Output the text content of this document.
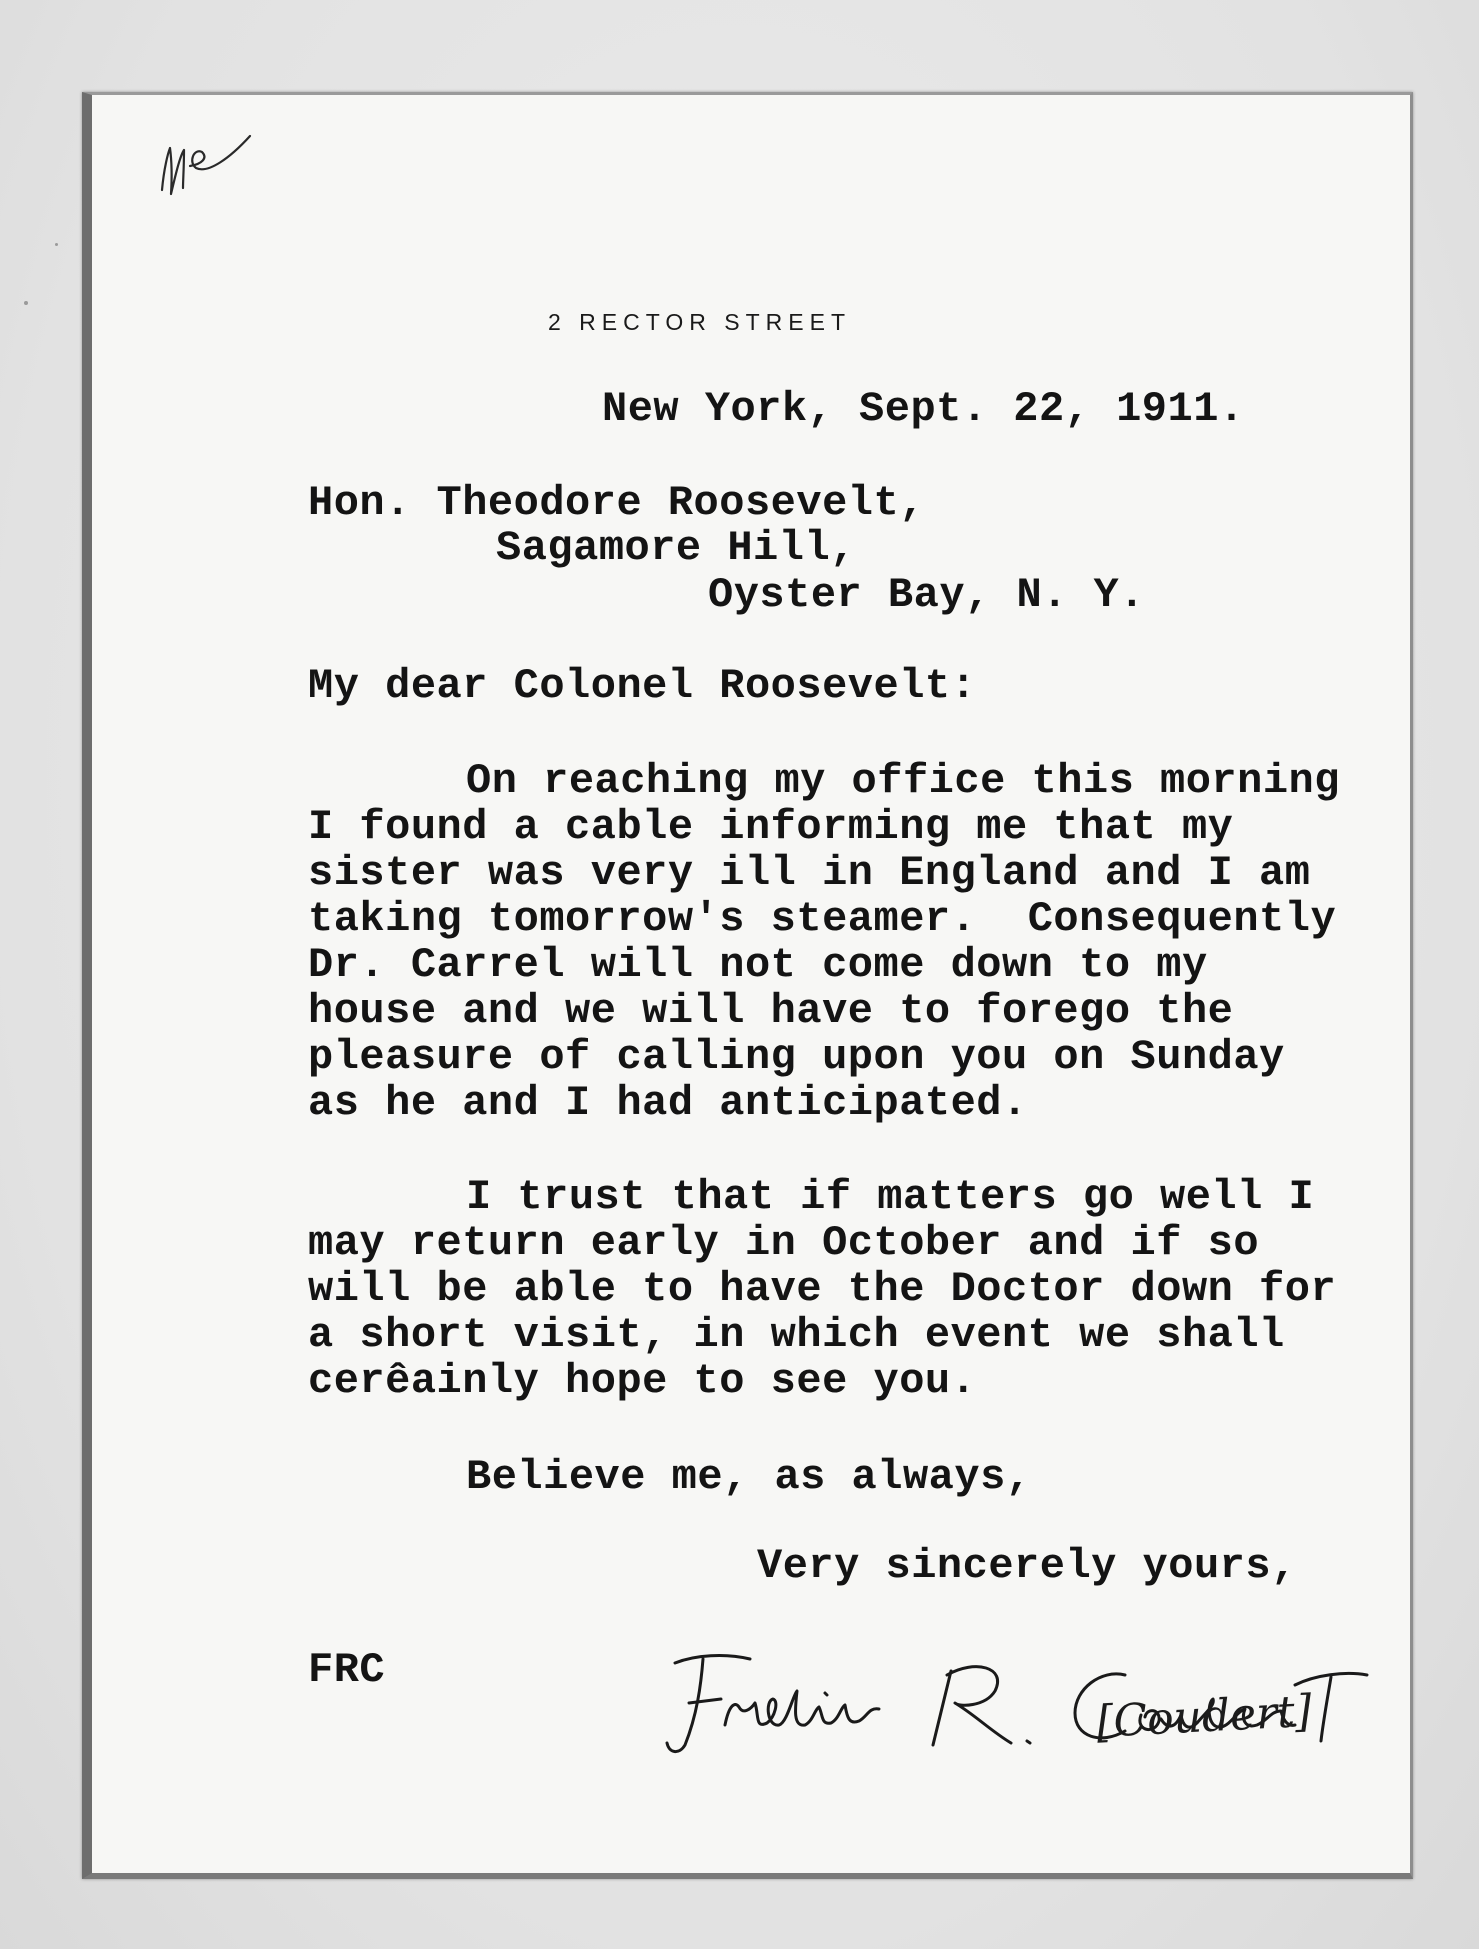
2 RECTOR STREET
New York, Sept. 22, 1911.
Hon. Theodore Roosevelt,
Sagamore Hill,
Oyster Bay, N. Y.
My dear Colonel Roosevelt:
On reaching my office this morning
I found a cable informing me that my
sister was very ill in England and I am
taking tomorrow's steamer.  Consequently
Dr. Carrel will not come down to my
house and we will have to forego the
pleasure of calling upon you on Sunday
as he and I had anticipated.
I trust that if matters go well I
may return early in October and if so
will be able to have the Doctor down for
a short visit, in which event we shall
cerêainly hope to see you.
Believe me, as always,
Very sincerely yours,
FRC
[Coudert]
